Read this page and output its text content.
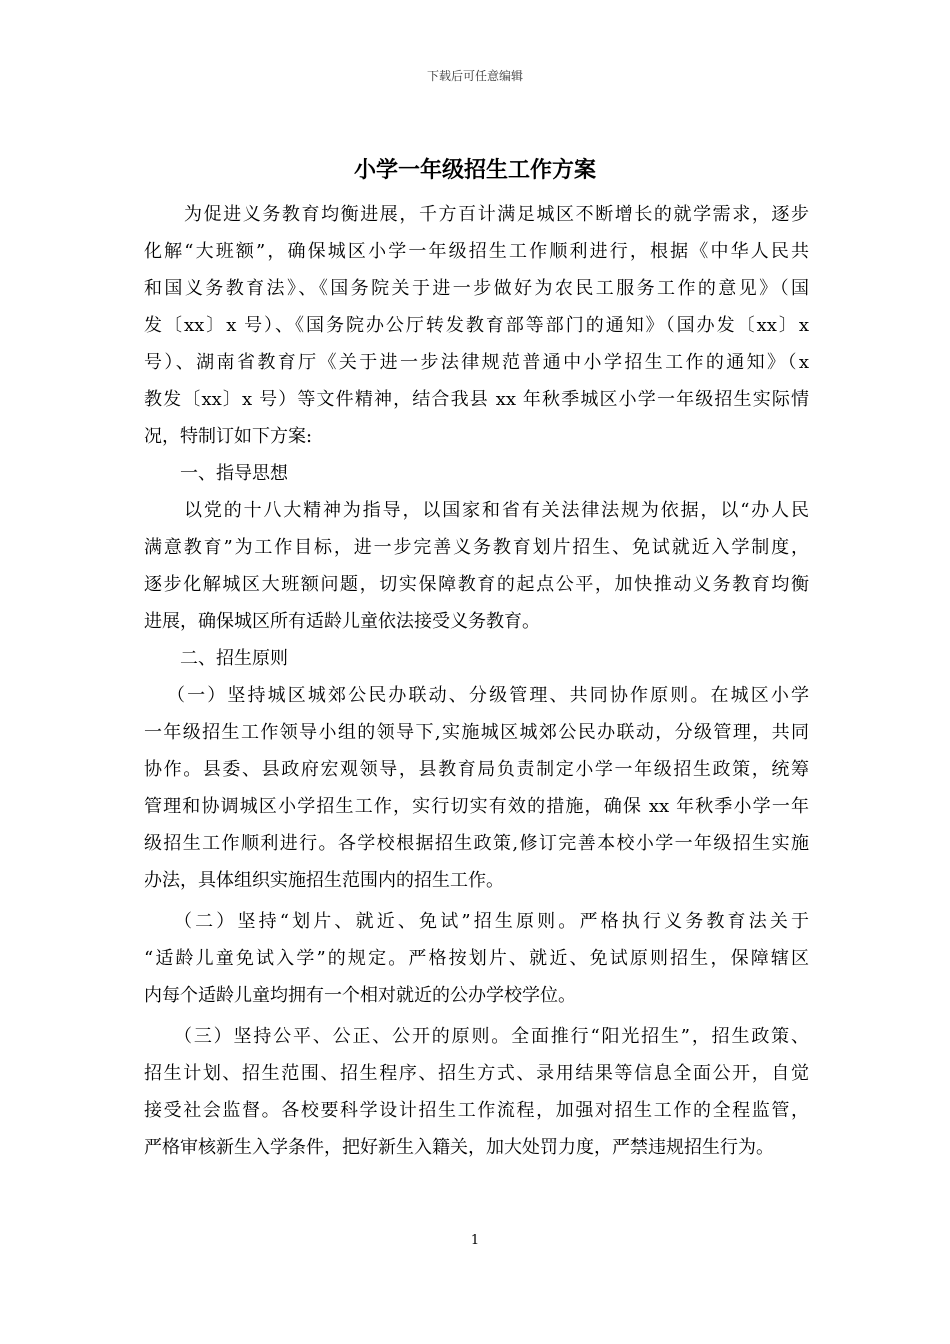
下载后可任意编辑
小学一年级招生工作方案
为促进义务教育均衡进展，千方百计满足城区不断增长的就学需求，逐步
化解“大班额”，确保城区小学一年级招生工作顺利进行，根据《中华人民共
和国义务教育法》、《国务院关于进一步做好为农民工服务工作的意见》（国
发〔xx〕x 号）、《国务院办公厅转发教育部等部门的通知》（国办发〔xx〕x
号）、湖南省教育厅《关于进一步法律规范普通中小学招生工作的通知》（x
教发〔xx〕x 号）等文件精神，结合我县 xx 年秋季城区小学一年级招生实际情
况，特制订如下方案:
一、指导思想
以党的十八大精神为指导，以国家和省有关法律法规为依据，以“办人民
满意教育”为工作目标，进一步完善义务教育划片招生、免试就近入学制度，
逐步化解城区大班额问题，切实保障教育的起点公平，加快推动义务教育均衡
进展，确保城区所有适龄儿童依法接受义务教育。
二、招生原则
（一）坚持城区城郊公民办联动、分级管理、共同协作原则。在城区小学
一年级招生工作领导小组的领导下,实施城区城郊公民办联动，分级管理，共同
协作。县委、县政府宏观领导，县教育局负责制定小学一年级招生政策，统筹
管理和协调城区小学招生工作，实行切实有效的措施，确保 xx 年秋季小学一年
级招生工作顺利进行。各学校根据招生政策,修订完善本校小学一年级招生实施
办法，具体组织实施招生范围内的招生工作。
（二）坚持“划片、就近、免试”招生原则。严格执行义务教育法关于
“适龄儿童免试入学”的规定。严格按划片、就近、免试原则招生，保障辖区
内每个适龄儿童均拥有一个相对就近的公办学校学位。
（三）坚持公平、公正、公开的原则。全面推行“阳光招生”，招生政策、
招生计划、招生范围、招生程序、招生方式、录用结果等信息全面公开，自觉
接受社会监督。各校要科学设计招生工作流程，加强对招生工作的全程监管，
严格审核新生入学条件，把好新生入籍关，加大处罚力度，严禁违规招生行为。
1
